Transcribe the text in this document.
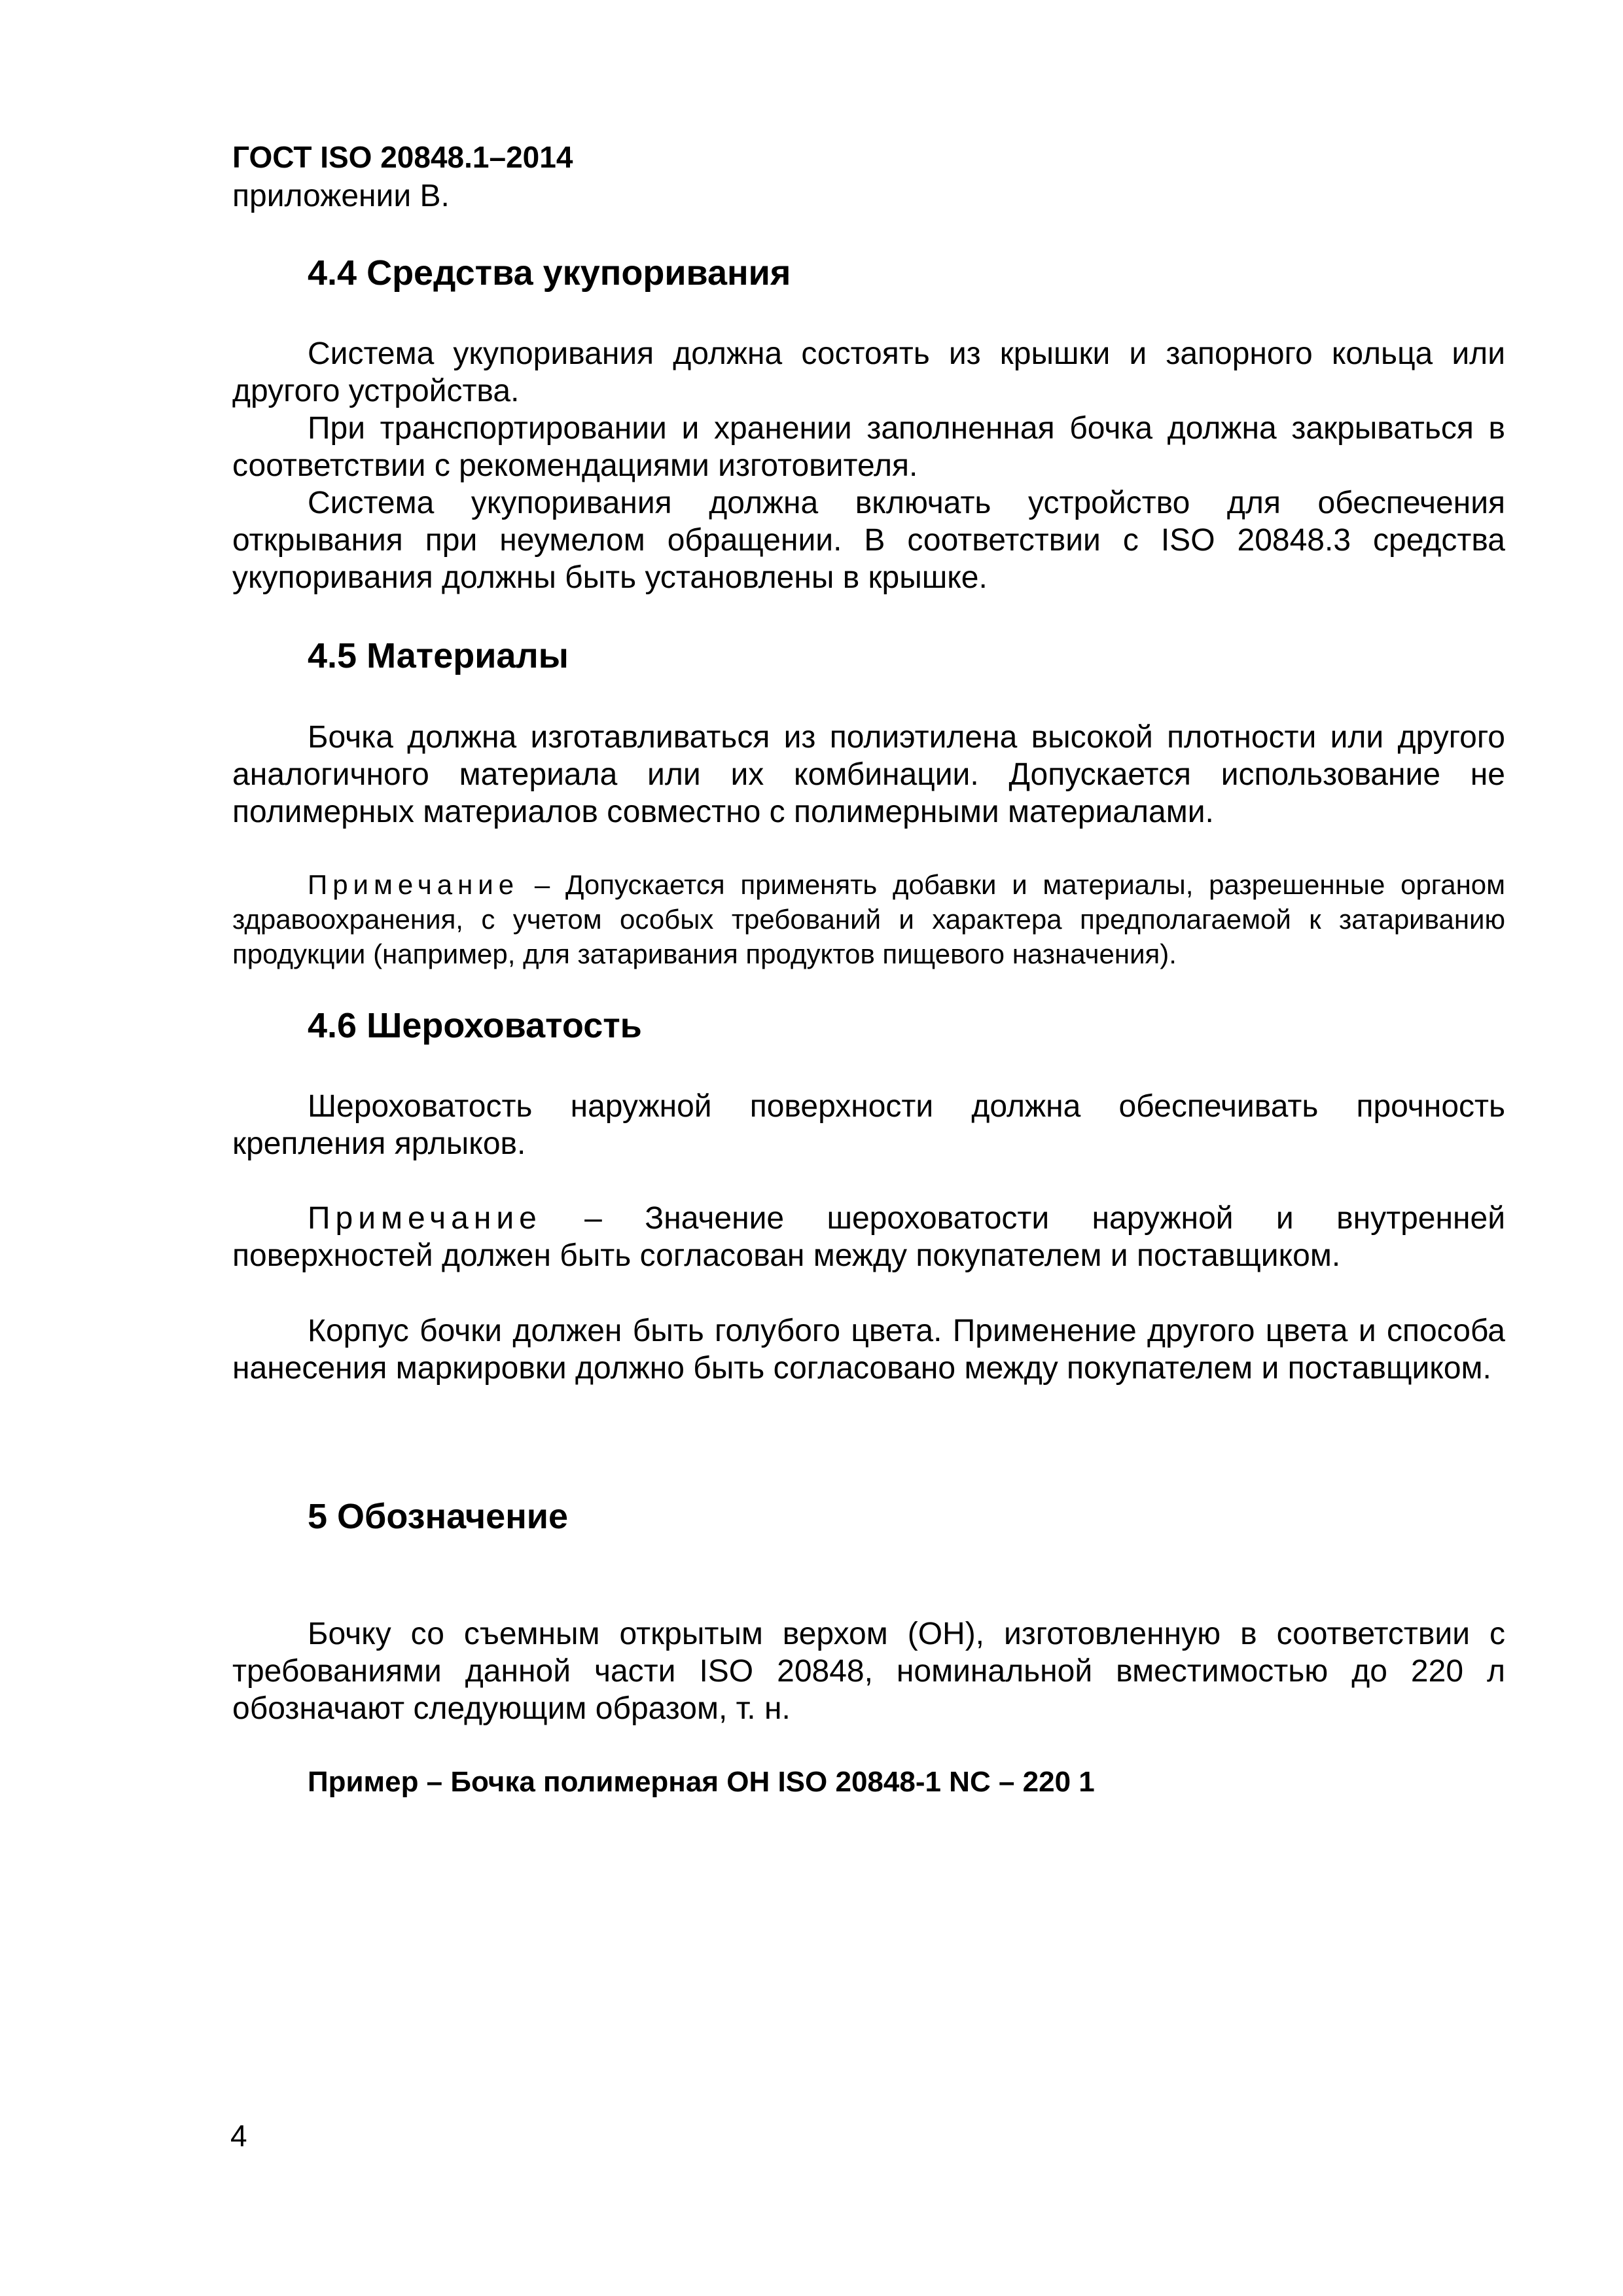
ГОСТ ISO 20848.1–2014

приложении В.

4.4 Средства укупоривания

Система укупоривания должна состоять из крышки и запорного кольца или другого устройства.

При транспортировании и хранении заполненная бочка должна закрываться в соответствии с рекомендациями изготовителя.

Система укупоривания должна включать устройство для обеспечения открывания при неумелом обращении. В соответствии с ISO 20848.3 средства укупоривания должны быть установлены в крышке.

4.5 Материалы

Бочка должна изготавливаться из полиэтилена высокой плотности или другого аналогичного материала или их комбинации. Допускается использование не полимерных материалов совместно с полимерными материалами.

Примечание – Допускается применять добавки и материалы, разрешенные органом здравоохранения, с учетом особых требований и характера предполагаемой к затариванию продукции (например, для затаривания продуктов пищевого назначения).

4.6 Шероховатость

Шероховатость наружной поверхности должна обеспечивать прочность крепления ярлыков.

Примечание – Значение шероховатости наружной и внутренней поверхностей должен быть согласован между покупателем и поставщиком.

Корпус бочки должен быть голубого цвета. Применение другого цвета и способа нанесения маркировки должно быть согласовано между покупателем и поставщиком.

5 Обозначение

Бочку со съемным открытым верхом (ОН), изготовленную в соответствии с требованиями данной части ISO 20848, номинальной вместимостью до 220 л обозначают следующим образом, т. н.

Пример – Бочка полимерная ОН ISO 20848-1 NC – 220 1

4
